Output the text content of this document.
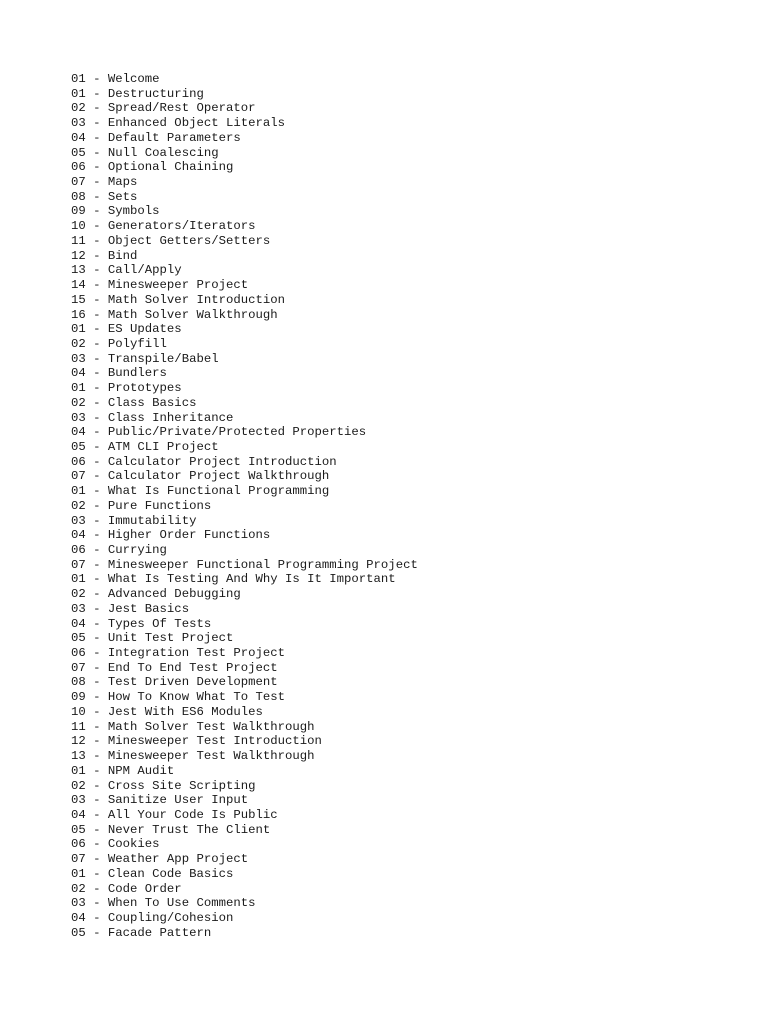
01 - Welcome
01 - Destructuring
02 - Spread/Rest Operator
03 - Enhanced Object Literals
04 - Default Parameters
05 - Null Coalescing
06 - Optional Chaining
07 - Maps
08 - Sets
09 - Symbols
10 - Generators/Iterators
11 - Object Getters/Setters
12 - Bind
13 - Call/Apply
14 - Minesweeper Project
15 - Math Solver Introduction
16 - Math Solver Walkthrough
01 - ES Updates
02 - Polyfill
03 - Transpile/Babel
04 - Bundlers
01 - Prototypes
02 - Class Basics
03 - Class Inheritance
04 - Public/Private/Protected Properties
05 - ATM CLI Project
06 - Calculator Project Introduction
07 - Calculator Project Walkthrough
01 - What Is Functional Programming
02 - Pure Functions
03 - Immutability
04 - Higher Order Functions
06 - Currying
07 - Minesweeper Functional Programming Project
01 - What Is Testing And Why Is It Important
02 - Advanced Debugging
03 - Jest Basics
04 - Types Of Tests
05 - Unit Test Project
06 - Integration Test Project
07 - End To End Test Project
08 - Test Driven Development
09 - How To Know What To Test
10 - Jest With ES6 Modules
11 - Math Solver Test Walkthrough
12 - Minesweeper Test Introduction
13 - Minesweeper Test Walkthrough
01 - NPM Audit
02 - Cross Site Scripting
03 - Sanitize User Input
04 - All Your Code Is Public
05 - Never Trust The Client
06 - Cookies
07 - Weather App Project
01 - Clean Code Basics
02 - Code Order
03 - When To Use Comments
04 - Coupling/Cohesion
05 - Facade Pattern
